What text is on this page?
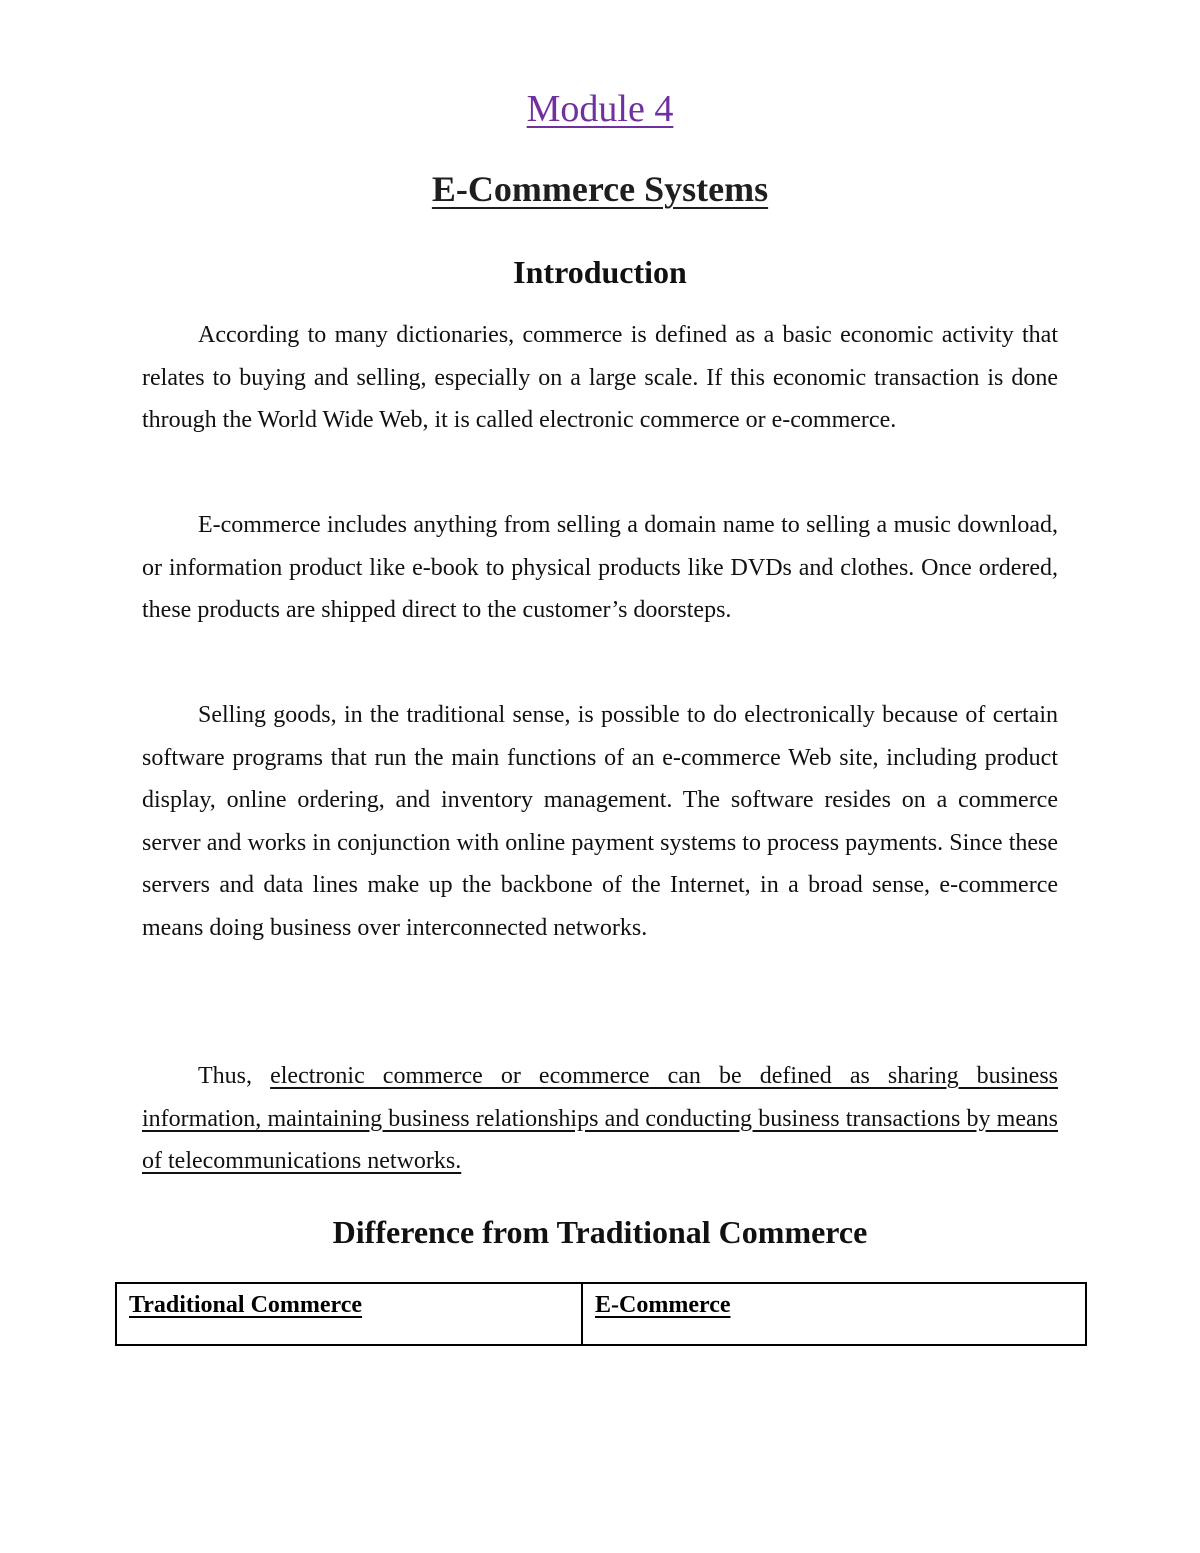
Module 4
E-Commerce Systems
Introduction

According to many dictionaries, commerce is defined as a basic economic activity that relates to buying and selling, especially on a large scale. If this economic transaction is done through the World Wide Web, it is called electronic commerce or e-commerce.

E-commerce includes anything from selling a domain name to selling a music download, or information product like e-book to physical products like DVDs and clothes. Once ordered, these products are shipped direct to the customer’s doorsteps.

Selling goods, in the traditional sense, is possible to do electronically because of certain software programs that run the main functions of an e-commerce Web site, including product display, online ordering, and inventory management. The software resides on a commerce server and works in conjunction with online payment systems to process payments. Since these servers and data lines make up the backbone of the Internet, in a broad sense, e-commerce means doing business over interconnected networks.

Thus, electronic commerce or ecommerce can be defined as sharing business information, maintaining business relationships and conducting business transactions by means of telecommunications networks.

Difference from Traditional Commerce
Traditional Commerce	E-Commerce
